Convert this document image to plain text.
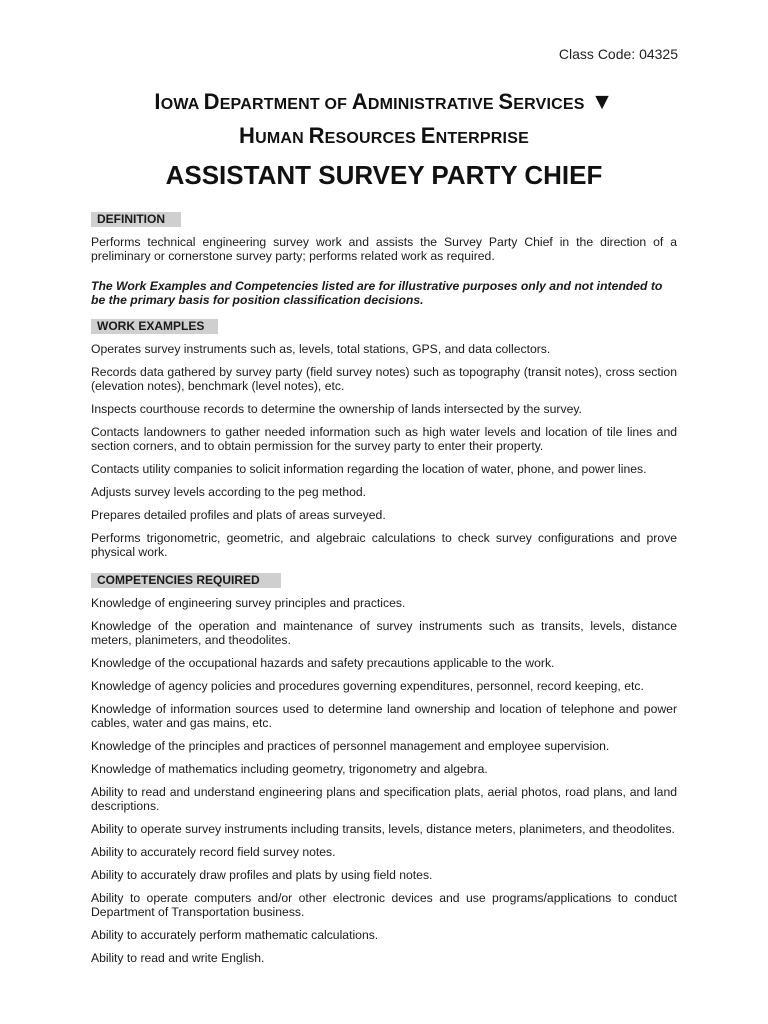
Class Code: 04325
IOWA DEPARTMENT OF ADMINISTRATIVE SERVICES ▼
HUMAN RESOURCES ENTERPRISE
ASSISTANT SURVEY PARTY CHIEF
DEFINITION

Performs technical engineering survey work and assists the Survey Party Chief in the direction of a preliminary or cornerstone survey party; performs related work as required.

The Work Examples and Competencies listed are for illustrative purposes only and not intended to be the primary basis for position classification decisions.

WORK EXAMPLES
Operates survey instruments such as, levels, total stations, GPS, and data collectors.
Records data gathered by survey party (field survey notes) such as topography (transit notes), cross section (elevation notes), benchmark (level notes), etc.
Inspects courthouse records to determine the ownership of lands intersected by the survey.
Contacts landowners to gather needed information such as high water levels and location of tile lines and section corners, and to obtain permission for the survey party to enter their property.
Contacts utility companies to solicit information regarding the location of water, phone, and power lines.
Adjusts survey levels according to the peg method.
Prepares detailed profiles and plats of areas surveyed.
Performs trigonometric, geometric, and algebraic calculations to check survey configurations and prove physical work.
COMPETENCIES REQUIRED
Knowledge of engineering survey principles and practices.
Knowledge of the operation and maintenance of survey instruments such as transits, levels, distance meters, planimeters, and theodolites.
Knowledge of the occupational hazards and safety precautions applicable to the work.
Knowledge of agency policies and procedures governing expenditures, personnel, record keeping, etc.
Knowledge of information sources used to determine land ownership and location of telephone and power cables, water and gas mains, etc.
Knowledge of the principles and practices of personnel management and employee supervision.
Knowledge of mathematics including geometry, trigonometry and algebra.
Ability to read and understand engineering plans and specification plats, aerial photos, road plans, and land descriptions.
Ability to operate survey instruments including transits, levels, distance meters, planimeters, and theodolites.
Ability to accurately record field survey notes.
Ability to accurately draw profiles and plats by using field notes.
Ability to operate computers and/or other electronic devices and use programs/applications to conduct Department of Transportation business.
Ability to accurately perform mathematic calculations.
Ability to read and write English.
